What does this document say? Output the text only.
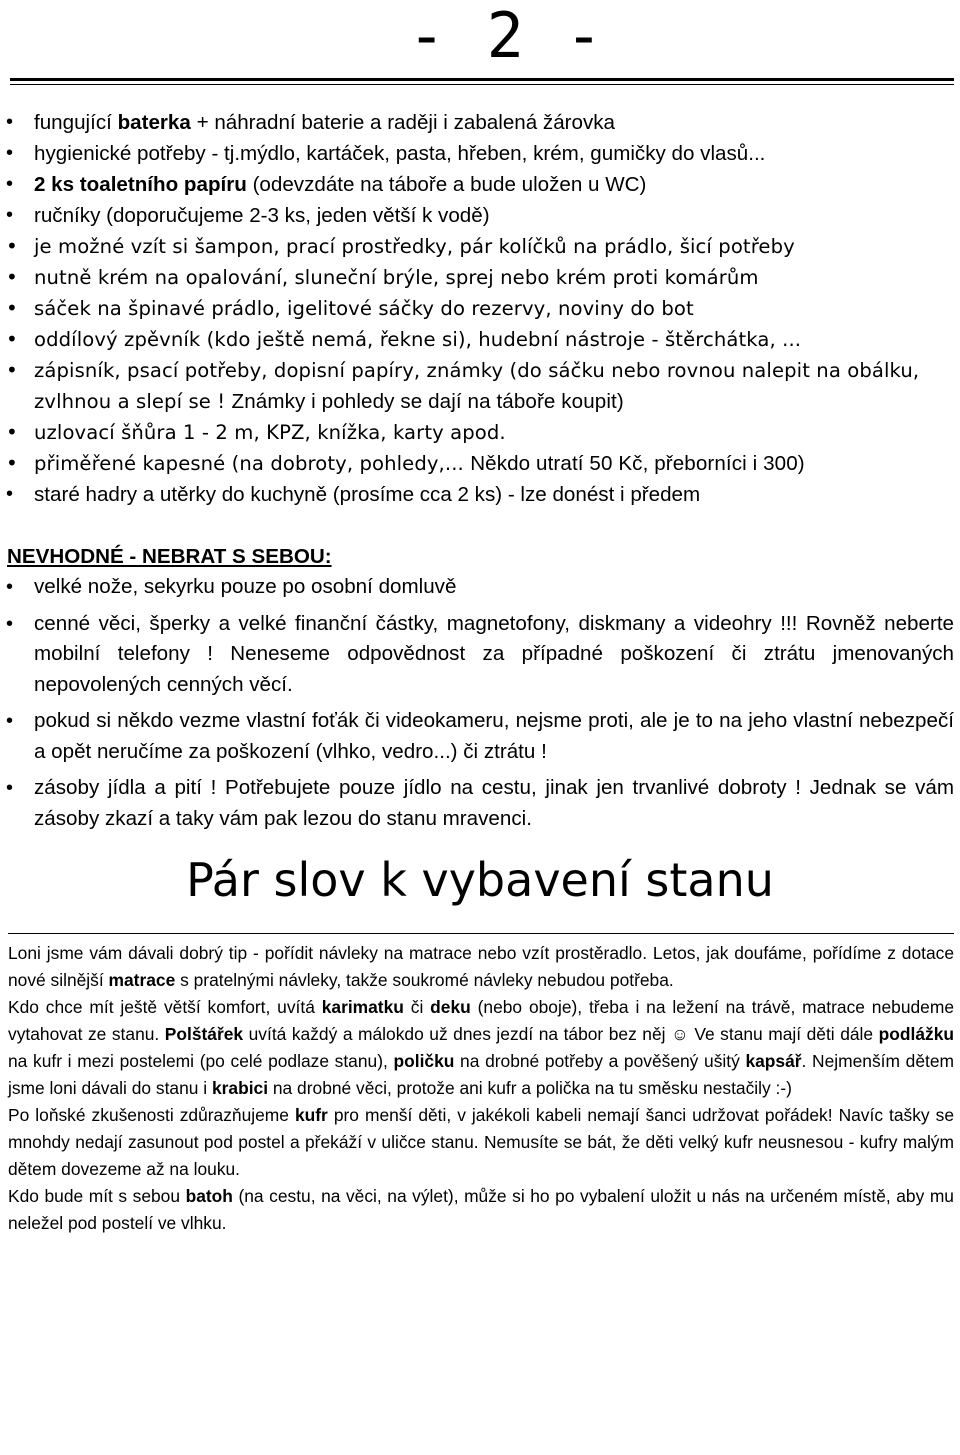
- 2 -
• fungující baterka + náhradní baterie a raději i zabalená žárovka
• hygienické potřeby - tj.mýdlo, kartáček, pasta, hřeben, krém, gumičky do vlasů...
• 2 ks toaletního papíru (odevzdáte na táboře a bude uložen u WC)
• ručníky (doporučujeme 2-3 ks, jeden větší k vodě)
• je možné vzít si šampon, prací prostředky, pár kolíčků na prádlo, šicí potřeby
• nutně krém na opalování, sluneční brýle, sprej nebo krém proti komárům
• sáček na špinavé prádlo, igelitové sáčky do rezervy, noviny do bot
• oddílový zpěvník (kdo ještě nemá, řekne si), hudební nástroje - štěrchátka, ...
• zápisník, psací potřeby, dopisní papíry, známky (do sáčku nebo rovnou nalepit na obálku, zvlhnou a slepí se ! Známky i pohledy se dají na táboře koupit)
• uzlovací šňůra 1 - 2 m, KPZ, knížka, karty apod.
• přiměřené kapesné (na dobroty, pohledy,... Někdo utratí 50 Kč, přeborníci i 300)
• staré hadry a utěrky do kuchyně (prosíme cca 2 ks) - lze donést i předem
NEVHODNÉ - NEBRAT S SEBOU:
• velké nože, sekyrku pouze po osobní domluvě
• cenné věci, šperky a velké finanční částky, magnetofony, diskmany a videohry !!! Rovněž neberte mobilní telefony ! Neneseme odpovědnost za případné poškození či ztrátu jmenovaných nepovolených cenných věcí.
• pokud si někdo vezme vlastní foťák či videokameru, nejsme proti, ale je to na jeho vlastní nebezpečí a opět neručíme za poškození (vlhko, vedro...) či ztrátu !
• zásoby jídla a pití ! Potřebujete pouze jídlo na cestu, jinak jen trvanlivé dobroty ! Jednak se vám zásoby zkazí a taky vám pak lezou do stanu mravenci.
Pár slov k vybavení stanu

Loni jsme vám dávali dobrý tip - pořídit návleky na matrace nebo vzít prostěradlo. Letos, jak doufáme, pořídíme z dotace nové silnější matrace s pratelnými návleky, takže soukromé návleky nebudou potřeba.

Kdo chce mít ještě větší komfort, uvítá karimatku či deku (nebo oboje), třeba i na ležení na trávě, matrace nebudeme vytahovat ze stanu. Polštářek uvítá každý a málokdo už dnes jezdí na tábor bez něj ☺ Ve stanu mají děti dále podlážku na kufr i mezi postelemi (po celé podlaze stanu), poličku na drobné potřeby a pověšený ušitý kapsář. Nejmenším dětem jsme loni dávali do stanu i krabici na drobné věci, protože ani kufr a polička na tu směsku nestačily :-)

Po loňské zkušenosti zdůrazňujeme kufr pro menší děti, v jakékoli kabeli nemají šanci udržovat pořádek! Navíc tašky se mnohdy nedají zasunout pod postel a překáží v uličce stanu. Nemusíte se bát, že děti velký kufr neusnesou - kufry malým dětem dovezeme až na louku.

Kdo bude mít s sebou batoh (na cestu, na věci, na výlet), může si ho po vybalení uložit u nás na určeném místě, aby mu neležel pod postelí ve vlhku.
